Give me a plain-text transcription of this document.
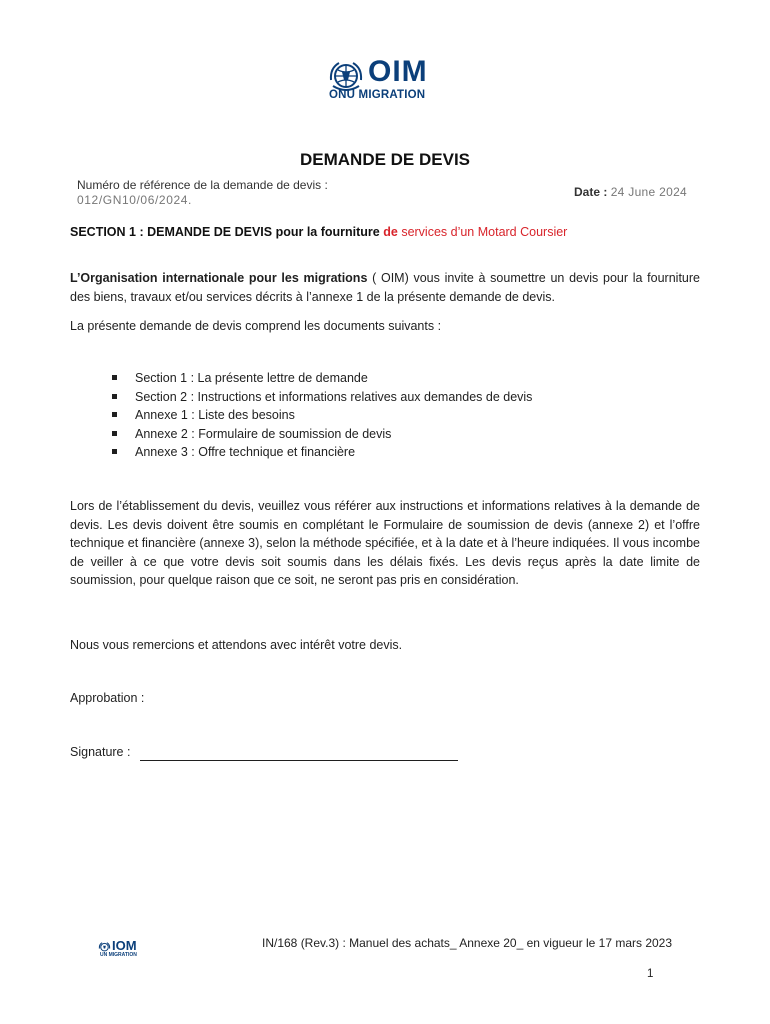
OIM
ONU MIGRATION
DEMANDE DE DEVIS
Numéro de référence de la demande de devis :
012/GN10/06/2024.
Date : 24 June 2024
SECTION 1 : DEMANDE DE DEVIS pour la fourniture de services d’un Motard Coursier
L’Organisation internationale pour les migrations ( OIM) vous invite à soumettre un devis pour la fourniture des biens, travaux et/ou services décrits à l’annexe 1 de la présente demande de devis.
La présente demande de devis comprend les documents suivants :
Section 1 : La présente lettre de demande
Section 2 : Instructions et informations relatives aux demandes de devis
Annexe 1 : Liste des besoins
Annexe 2 : Formulaire de soumission de devis
Annexe 3 : Offre technique et financière
Lors de l’établissement du devis, veuillez vous référer aux instructions et informations relatives à la demande de devis. Les devis doivent être soumis en complétant le Formulaire de soumission de devis (annexe 2) et l’offre technique et financière (annexe 3), selon la méthode spécifiée, et à la date et à l’heure indiquées. Il vous incombe de veiller à ce que votre devis soit soumis dans les délais fixés. Les devis reçus après la date limite de soumission, pour quelque raison que ce soit, ne seront pas pris en considération.
Nous vous remercions et attendons avec intérêt votre devis.
Approbation :
Signature :
IOM
UN MIGRATION
IN/168 (Rev.3) : Manuel des achats_ Annexe 20_ en vigueur le 17 mars 2023
1
